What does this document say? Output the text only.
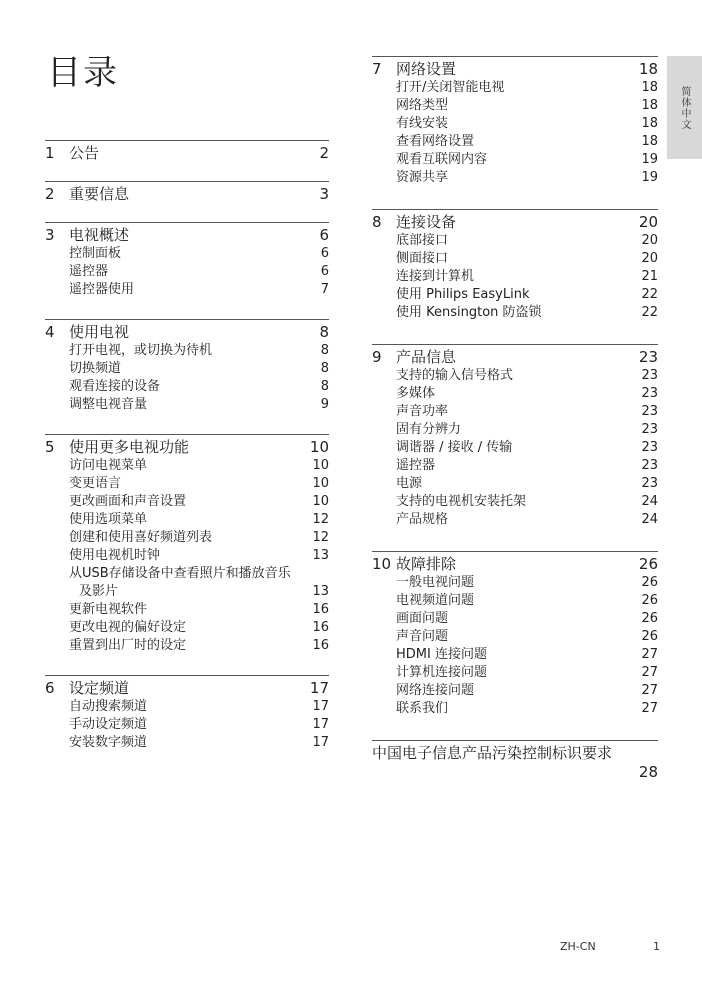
目录
简体中文
1 公告	2
2 重要信息	3
3 电视概述	6
控制面板	6
遥控器	6
遥控器使用	7
4 使用电视	8
打开电视，或切换为待机	8
切换频道	8
观看连接的设备	8
调整电视音量	9
5 使用更多电视功能	10
访问电视菜单	10
变更语言	10
更改画面和声音设置	10
使用选项菜单	12
创建和使用喜好频道列表	12
使用电视机时钟	13
从USB存储设备中查看照片和播放音乐
及影片	13
更新电视软件	16
更改电视的偏好设定	16
重置到出厂时的设定	16
6 设定频道	17
自动搜索频道	17
手动设定频道	17
安装数字频道	17
7 网络设置	18
打开/关闭智能电视	18
网络类型	18
有线安装	18
查看网络设置	18
观看互联网内容	19
资源共享	19
8 连接设备	20
底部接口	20
侧面接口	20
连接到计算机	21
使用 Philips EasyLink	22
使用 Kensington 防盗锁	22
9 产品信息	23
支持的输入信号格式	23
多媒体	23
声音功率	23
固有分辨力	23
调谐器 / 接收 / 传输	23
遥控器	23
电源	23
支持的电视机安装托架	24
产品规格	24
10 故障排除	26
一般电视问题	26
电视频道问题	26
画面问题	26
声音问题	26
HDMI 连接问题	27
计算机连接问题	27
网络连接问题	27
联系我们	27
中国电子信息产品污染控制标识要求
28
ZH-CN	1
